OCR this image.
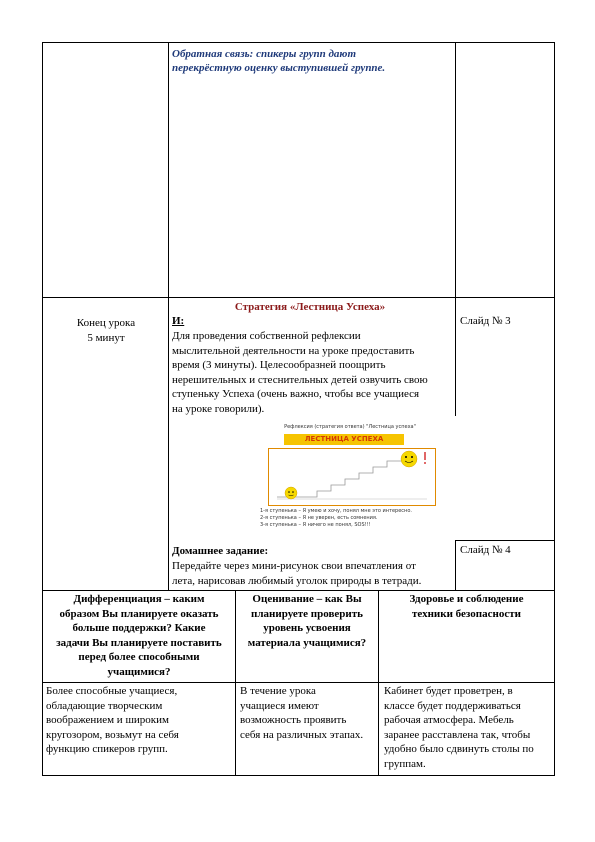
Обратная связь: спикеры групп дают
перекрёстную оценку выступившей группе.
Конец урока
5 минут
Стратегия «Лестница Успеха»
И:
Для проведения собственной рефлексии
мыслительной деятельности на уроке предоставить
время (3 минуты). Целесообразней поощрить
нерешительных и стеснительных детей озвучить свою
ступеньку Успеха (очень важно, чтобы все учащиеся
на уроке говорили).
Слайд № 3
Рефлексия (стратегия ответа) "Лестница успеха"
ЛЕСТНИЦА УСПЕХА
1-я ступенька – Я умею и хочу, понял мне это интересно.
2-я ступенька – Я не уверен, есть сомнения.
3-я ступенька – Я ничего не понял, SOS!!!
Домашнее задание:
Передайте через мини-рисунок свои впечатления от
лета, нарисовав любимый уголок природы в тетради.
Слайд № 4
Дифференциация – каким
образом Вы планируете оказать
больше поддержки? Какие
задачи Вы планируете поставить
перед более способными
учащимися?
Оценивание – как Вы
планируете проверить
уровень усвоения
материала учащимися?
Здоровье и соблюдение
техники безопасности
Более способные учащиеся,
обладающие творческим
воображением и широким
кругозором, возьмут на себя
функцию спикеров групп.
В течение урока
учащиеся имеют
возможность проявить
себя на различных этапах.
Кабинет будет проветрен, в
классе будет поддерживаться
рабочая атмосфера. Мебель
заранее расставлена так, чтобы
удобно было сдвинуть столы по
группам.
